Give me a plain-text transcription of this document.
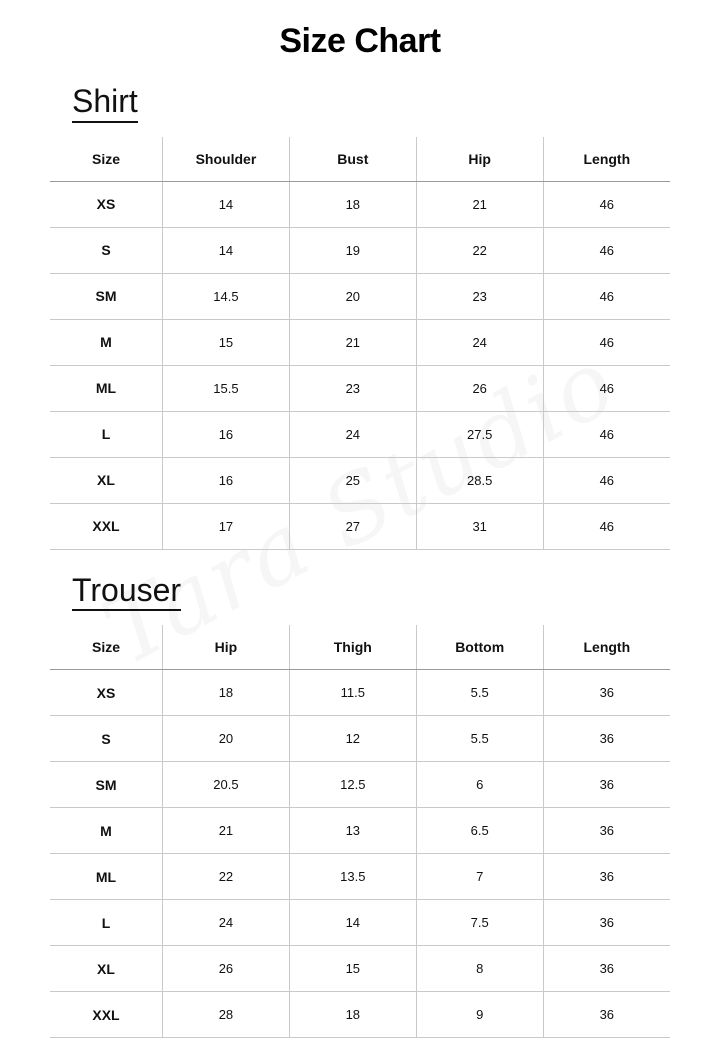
Size Chart
Shirt
Size	Shoulder	Bust	Hip	Length
XS	14	18	21	46
S	14	19	22	46
SM	14.5	20	23	46
M	15	21	24	46
ML	15.5	23	26	46
L	16	24	27.5	46
XL	16	25	28.5	46
XXL	17	27	31	46
Trouser
Size	Hip	Thigh	Bottom	Length
XS	18	11.5	5.5	36
S	20	12	5.5	36
SM	20.5	12.5	6	36
M	21	13	6.5	36
ML	22	13.5	7	36
L	24	14	7.5	36
XL	26	15	8	36
XXL	28	18	9	36
